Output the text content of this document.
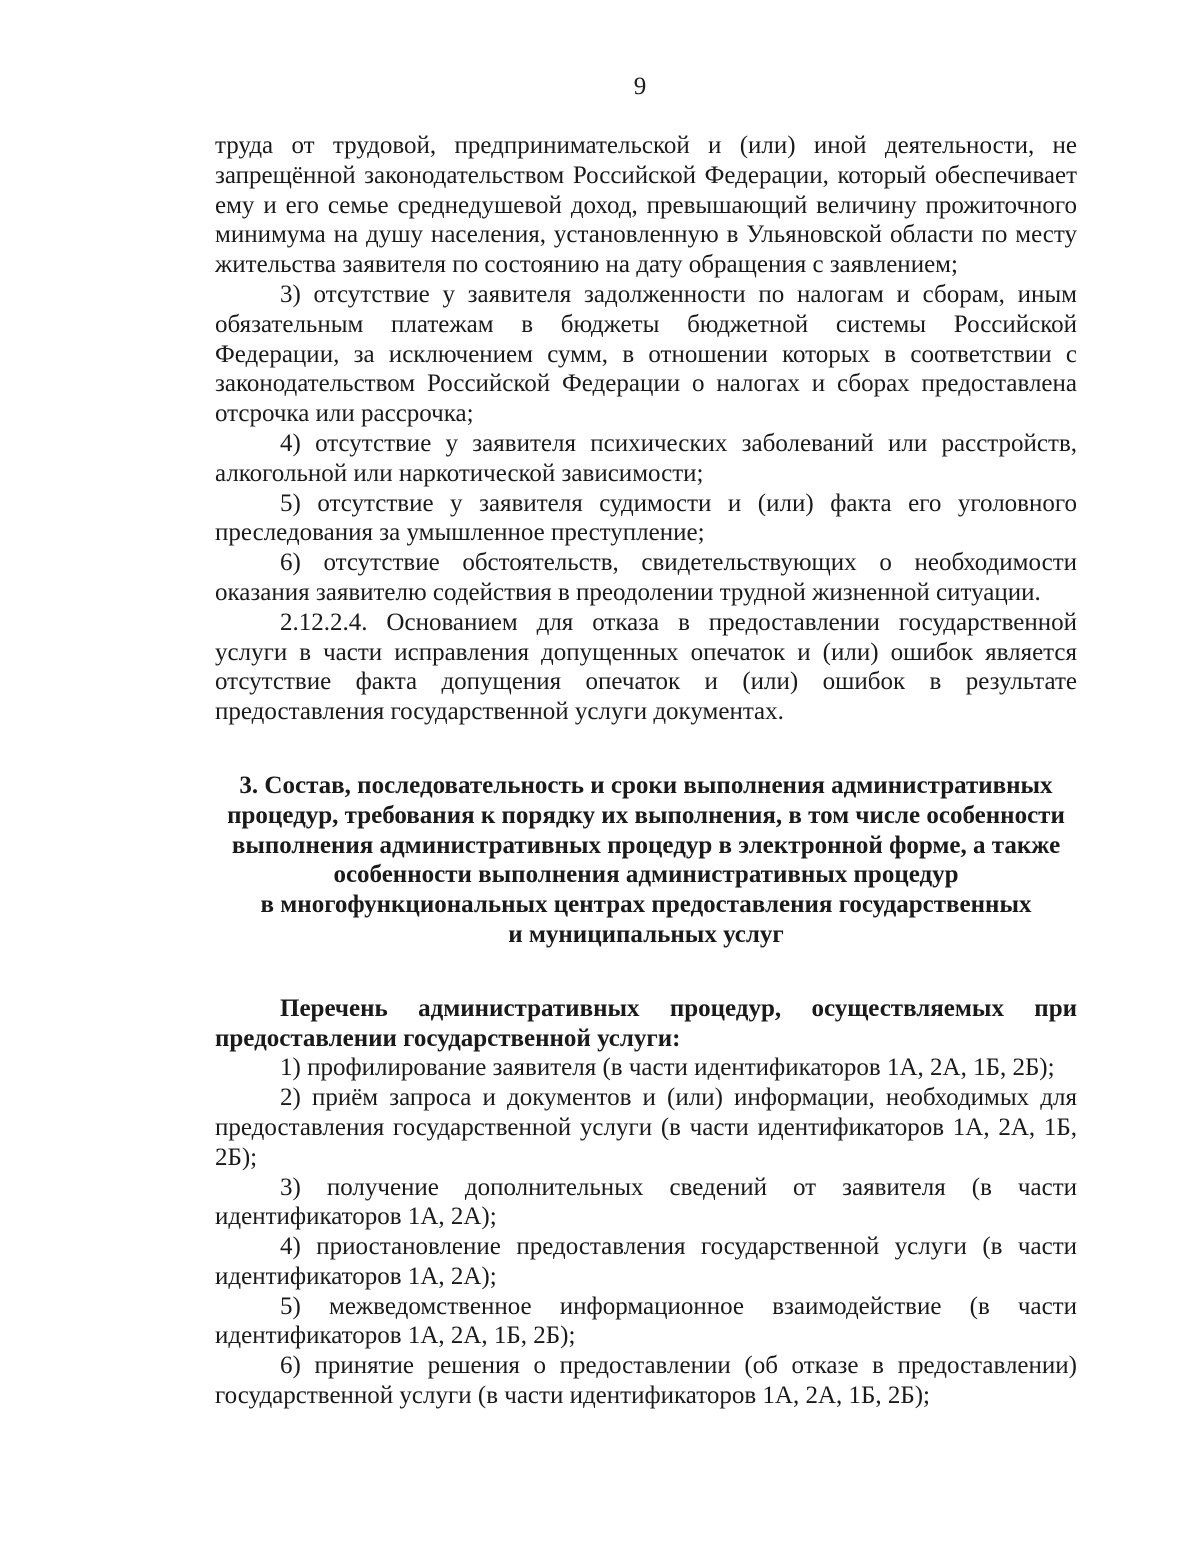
9

труда от трудовой, предпринимательской и (или) иной деятельности, не запрещённой законодательством Российской Федерации, который обеспечивает ему и его семье среднедушевой доход, превышающий величину прожиточного минимума на душу населения, установленную в Ульяновской области по месту жительства заявителя по состоянию на дату обращения с заявлением;

3) отсутствие у заявителя задолженности по налогам и сборам, иным обязательным платежам в бюджеты бюджетной системы Российской Федерации, за исключением сумм, в отношении которых в соответствии с законодательством Российской Федерации о налогах и сборах предоставлена отсрочка или рассрочка;

4) отсутствие у заявителя психических заболеваний или расстройств, алкогольной или наркотической зависимости;

5) отсутствие у заявителя судимости и (или) факта его уголовного преследования за умышленное преступление;

6) отсутствие обстоятельств, свидетельствующих о необходимости оказания заявителю содействия в преодолении трудной жизненной ситуации.

2.12.2.4. Основанием для отказа в предоставлении государственной услуги в части исправления допущенных опечаток и (или) ошибок является отсутствие факта допущения опечаток и (или) ошибок в результате предоставления государственной услуги документах.

3. Состав, последовательность и сроки выполнения административных
процедур, требования к порядку их выполнения, в том числе особенности
выполнения административных процедур в электронной форме, а также
особенности выполнения административных процедур
в многофункциональных центрах предоставления государственных
и муниципальных услуг

Перечень административных процедур, осуществляемых при предоставлении государственной услуги:

1) профилирование заявителя (в части идентификаторов 1А, 2А, 1Б, 2Б);

2) приём запроса и документов и (или) информации, необходимых для предоставления государственной услуги (в части идентификаторов 1А, 2А, 1Б, 2Б);

3) получение дополнительных сведений от заявителя (в части идентификаторов 1А, 2А);

4) приостановление предоставления государственной услуги (в части идентификаторов 1А, 2А);

5) межведомственное информационное взаимодействие (в части идентификаторов 1А, 2А, 1Б, 2Б);

6) принятие решения о предоставлении (об отказе в предоставлении) государственной услуги (в части идентификаторов 1А, 2А, 1Б, 2Б);
